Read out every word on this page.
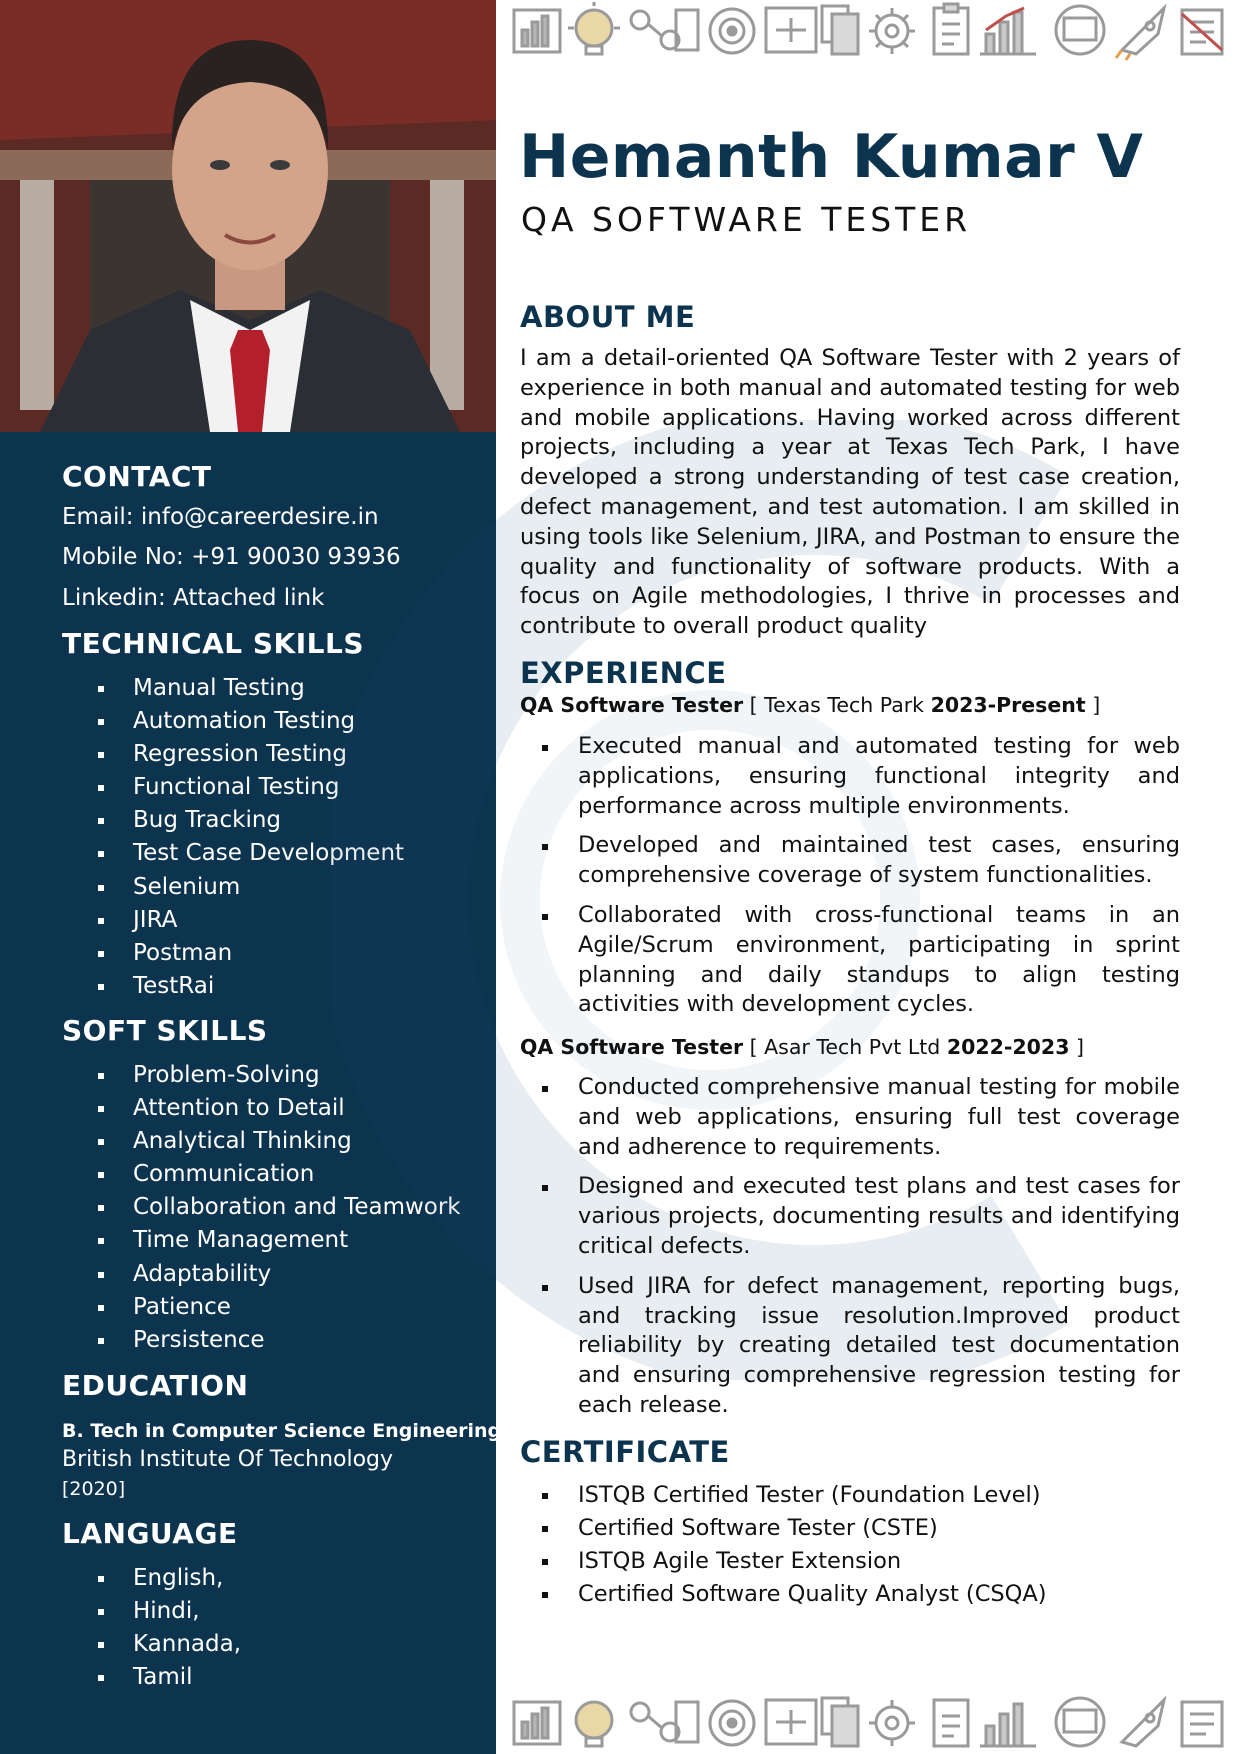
CONTACT
Email: info@careerdesire.in
Mobile No: +91 90030 93936
Linkedin: Attached link
TECHNICAL SKILLS
Manual Testing
Automation Testing
Regression Testing
Functional Testing
Bug Tracking
Test Case Development
Selenium
JIRA
Postman
TestRai
SOFT SKILLS
Problem-Solving
Attention to Detail
Analytical Thinking
Communication
Collaboration and Teamwork
Time Management
Adaptability
Patience
Persistence
EDUCATION
B. Tech in Computer Science Engineering
British Institute Of Technology
[2020]
LANGUAGE
English,
Hindi,
Kannada,
Tamil
Hemanth Kumar V
QA SOFTWARE TESTER
ABOUT ME

I am a detail-oriented QA Software Tester with 2 years of experience in both manual and automated testing for web and mobile applications. Having worked across different projects, including a year at Texas Tech Park, I have developed a strong understanding of test case creation, defect management, and test automation. I am skilled in using tools like Selenium, JIRA, and Postman to ensure the quality and functionality of software products. With a focus on Agile methodologies, I thrive in processes and contribute to overall product quality

EXPERIENCE
QA Software Tester [ Texas Tech Park 2023-Present ]
Executed manual and automated testing for web applications, ensuring functional integrity and performance across multiple environments.
Developed and maintained test cases, ensuring comprehensive coverage of system functionalities.
Collaborated with cross-functional teams in an Agile/Scrum environment, participating in sprint planning and daily standups to align testing activities with development cycles.
QA Software Tester [ Asar Tech Pvt Ltd 2022-2023 ]
Conducted comprehensive manual testing for mobile and web applications, ensuring full test coverage and adherence to requirements.
Designed and executed test plans and test cases for various projects, documenting results and identifying critical defects.
Used JIRA for defect management, reporting bugs, and tracking issue resolution.Improved product reliability by creating detailed test documentation and ensuring comprehensive regression testing for each release.
CERTIFICATE
ISTQB Certified Tester (Foundation Level)
Certified Software Tester (CSTE)
ISTQB Agile Tester Extension
Certified Software Quality Analyst (CSQA)
